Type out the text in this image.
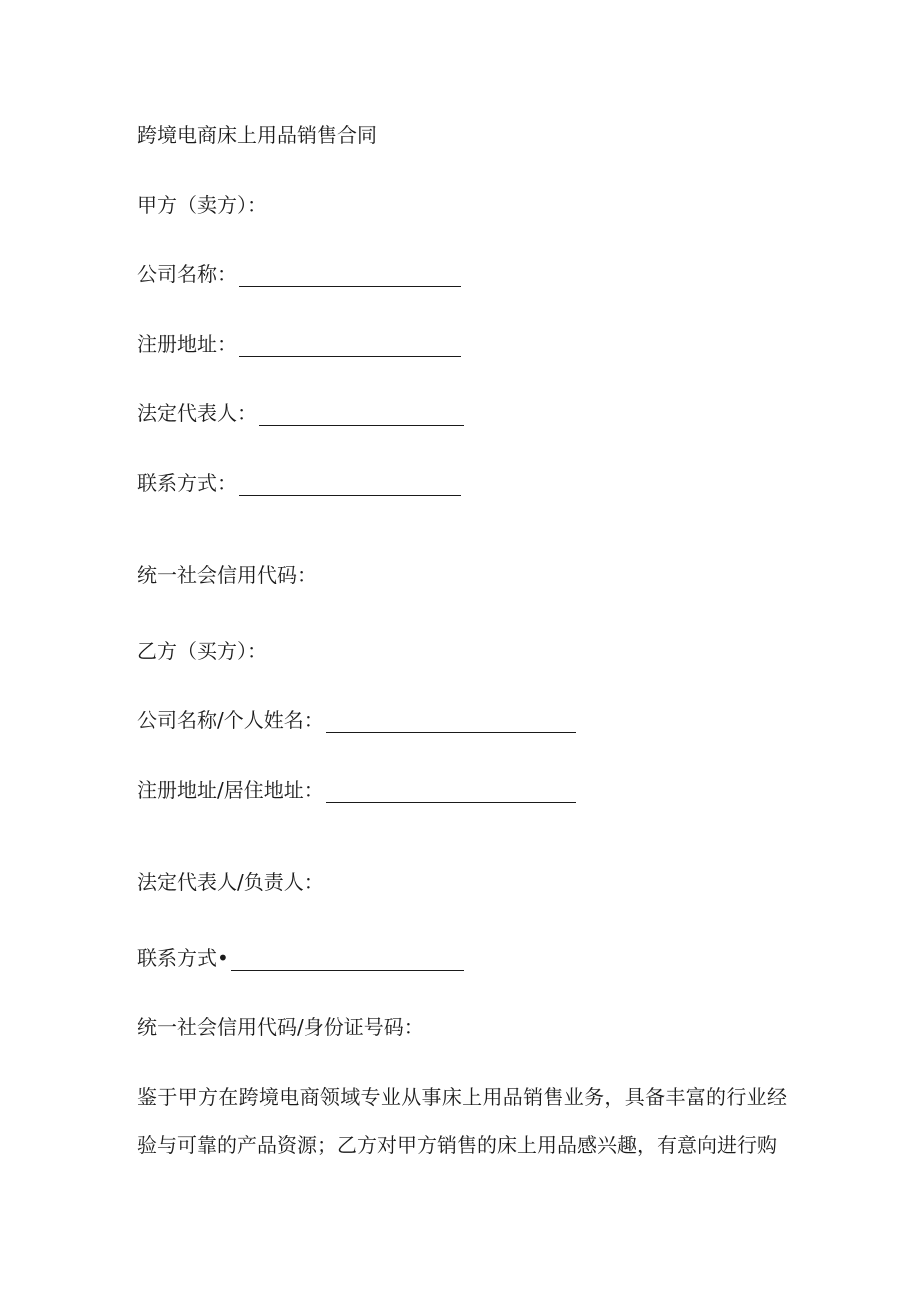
跨境电商床上用品销售合同
甲方（卖方）：
公司名称：
注册地址：
法定代表人：
联系方式：
统一社会信用代码：
乙方（买方）：
公司名称/个人姓名：
注册地址/居住地址：
法定代表人/负责人：
联系方式•
统一社会信用代码/身份证号码：
鉴于甲方在跨境电商领域专业从事床上用品销售业务，具备丰富的行业经验与可靠的产品资源；乙方对甲方销售的床上用品感兴趣，有意向进行购
